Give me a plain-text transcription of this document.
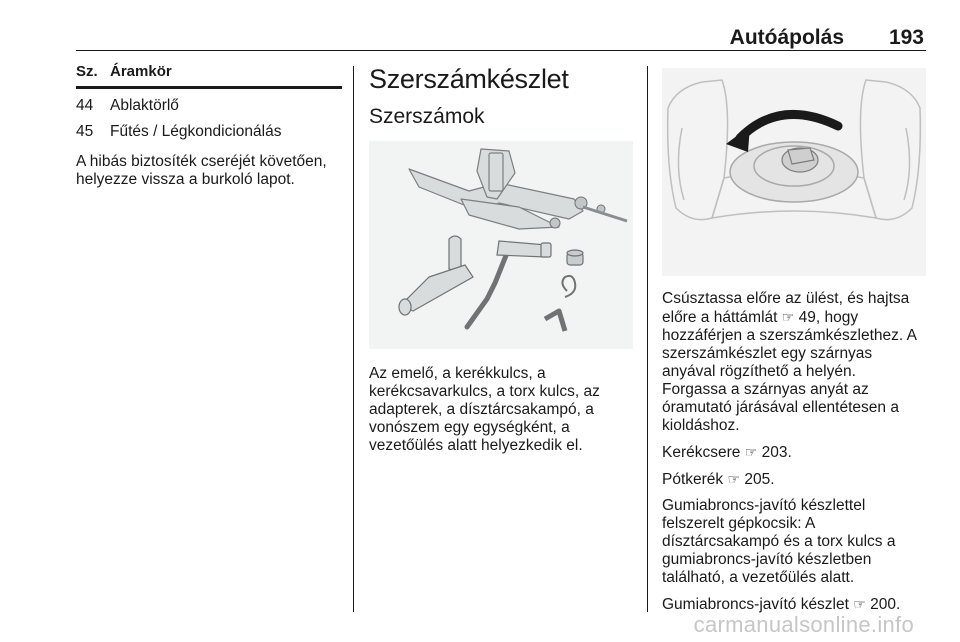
Autóápolás 193
Sz. Áramkör
44	Ablaktörlő
45	Fűtés / Légkondicionálás
A hibás biztosíték cseréjét követően, helyezze vissza a burkoló lapot.
Szerszámkészlet
Szerszámok
Az emelő, a kerékkulcs, a kerékcsavarkulcs, a torx kulcs, az adapterek, a dísztárcsakampó, a vonószem egy egységként, a vezetőülés alatt helyezkedik el.
Csúsztassa előre az ülést, és hajtsa előre a háttámlát ☞ 49, hogy hozzáférjen a szerszámkészlethez. A szerszámkészlet egy szárnyas anyával rögzíthető a helyén.
Forgassa a szárnyas anyát az óramutató járásával ellentétesen a kioldáshoz.
Kerékcsere ☞ 203.
Pótkerék ☞ 205.
Gumiabroncs-javító készlettel felszerelt gépkocsik: A dísztárcsakampó és a torx kulcs a gumiabroncs-javító készletben található, a vezetőülés alatt.
Gumiabroncs-javító készlet ☞ 200.
carmanualsonline.info
